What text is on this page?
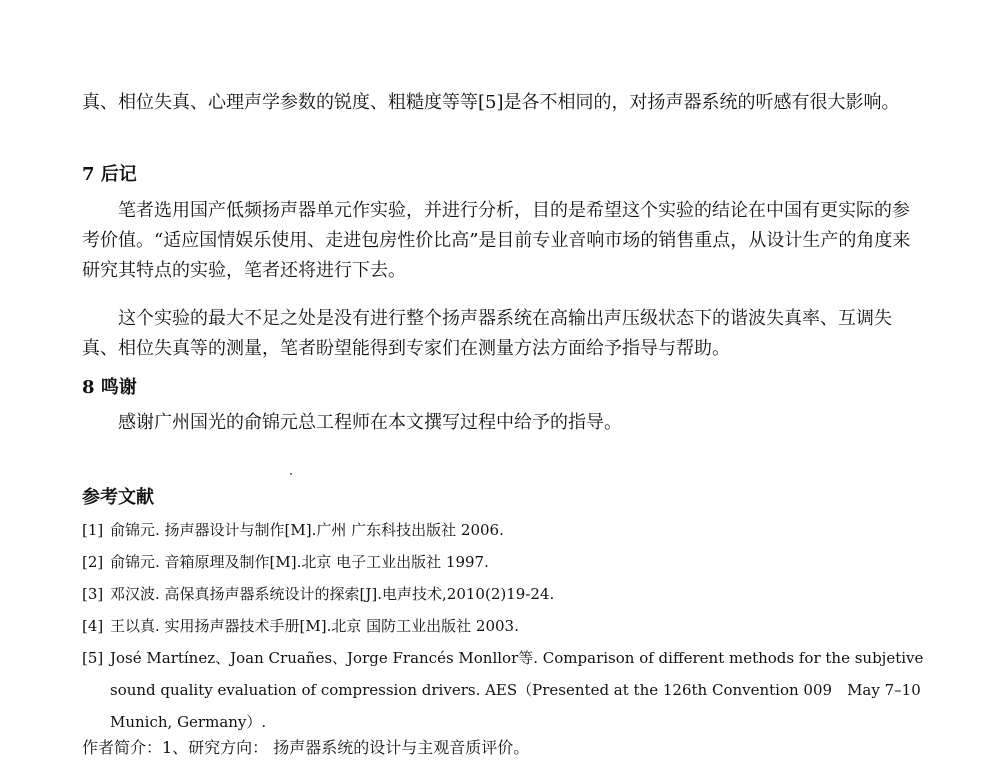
真、相位失真、心理声学参数的锐度、粗糙度等等[5]是各不相同的，对扬声器系统的听感有很大影响。

7 后记

笔者选用国产低频扬声器单元作实验，并进行分析，目的是希望这个实验的结论在中国有更实际的参考价值。“适应国情娱乐使用、走进包房性价比高”是目前专业音响市场的销售重点，从设计生产的角度来研究其特点的实验，笔者还将进行下去。

这个实验的最大不足之处是没有进行整个扬声器系统在高输出声压级状态下的谐波失真率、互调失真、相位失真等的测量，笔者盼望能得到专家们在测量方法方面给予指导与帮助。

8 鸣谢

感谢广州国光的俞锦元总工程师在本文撰写过程中给予的指导。

参考文献
[1] 俞锦元. 扬声器设计与制作[M].广州 广东科技出版社 2006.
[2] 俞锦元. 音箱原理及制作[M].北京 电子工业出版社 1997.
[3] 邓汉波. 高保真扬声器系统设计的探索[J].电声技术,2010(2)19-24.
[4] 王以真. 实用扬声器技术手册[M].北京 国防工业出版社 2003.
[5] José Martínez、Joan Cruañes、Jorge Francés Monllor等. Comparison of different methods for the subjetive sound quality evaluation of compression drivers. AES（Presented at the 126th Convention 009　May 7–10 Munich, Germany）.

作者简介：1、研究方向： 扬声器系统的设计与主观音质评价。
